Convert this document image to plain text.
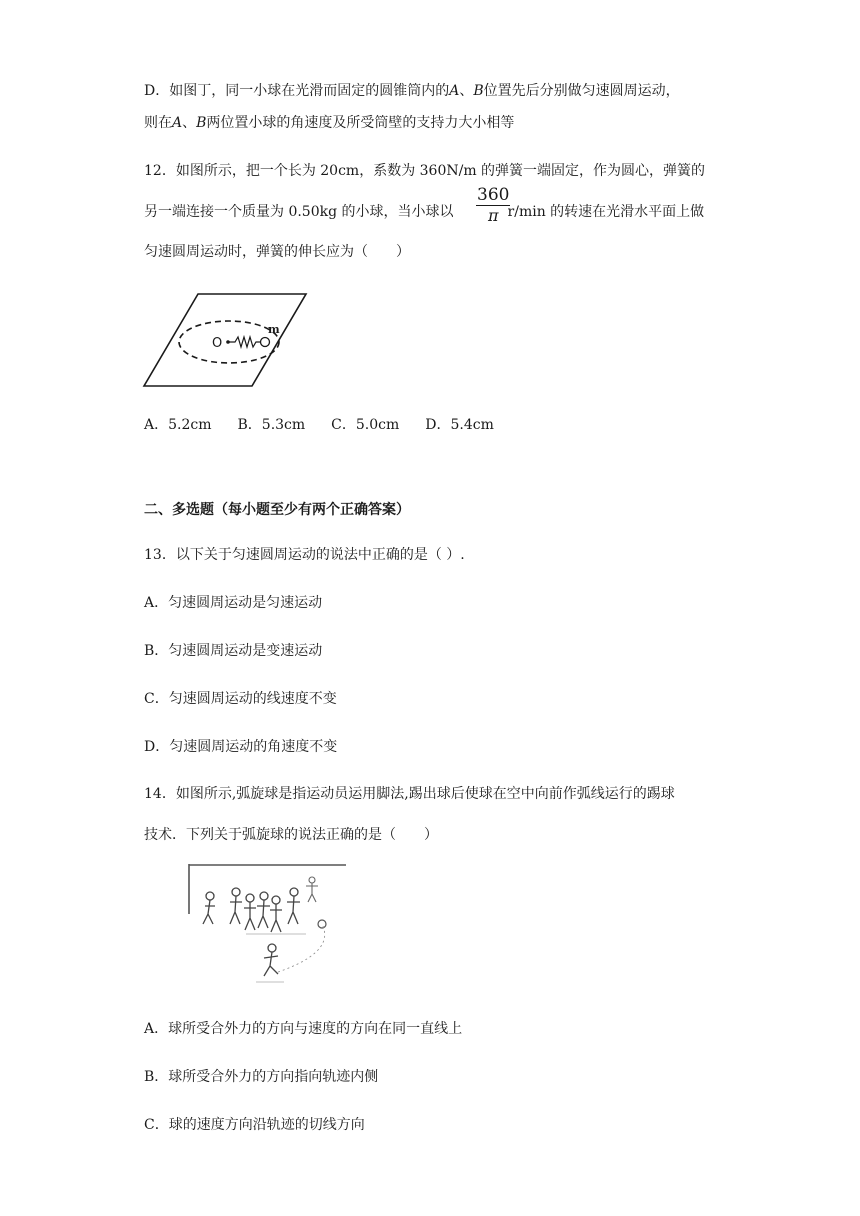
D．如图丁，同一小球在光滑而固定的圆锥筒内的A、B位置先后分别做匀速圆周运动，
则在A、B两位置小球的角速度及所受筒壁的支持力大小相等
12．如图所示，把一个长为 20cm，系数为 360N/m 的弹簧一端固定，作为圆心，弹簧的
另一端连接一个质量为 0.50kg 的小球，当小球以	r/min 的转速在光滑水平面上做
$\frac{360}{\pi}$
匀速圆周运动时，弹簧的伸长应为（　　）
O
m
A．5.2cm B．5.3cm C．5.0cm D．5.4cm
二、多选题（每小题至少有两个正确答案）
13．以下关于匀速圆周运动的说法中正确的是（ ）.
A．匀速圆周运动是匀速运动
B．匀速圆周运动是变速运动
C．匀速圆周运动的线速度不变
D．匀速圆周运动的角速度不变
14．如图所示,弧旋球是指运动员运用脚法,踢出球后使球在空中向前作弧线运行的踢球
技术．下列关于弧旋球的说法正确的是（　　）
A．球所受合外力的方向与速度的方向在同一直线上
B．球所受合外力的方向指向轨迹内侧
C．球的速度方向沿轨迹的切线方向
